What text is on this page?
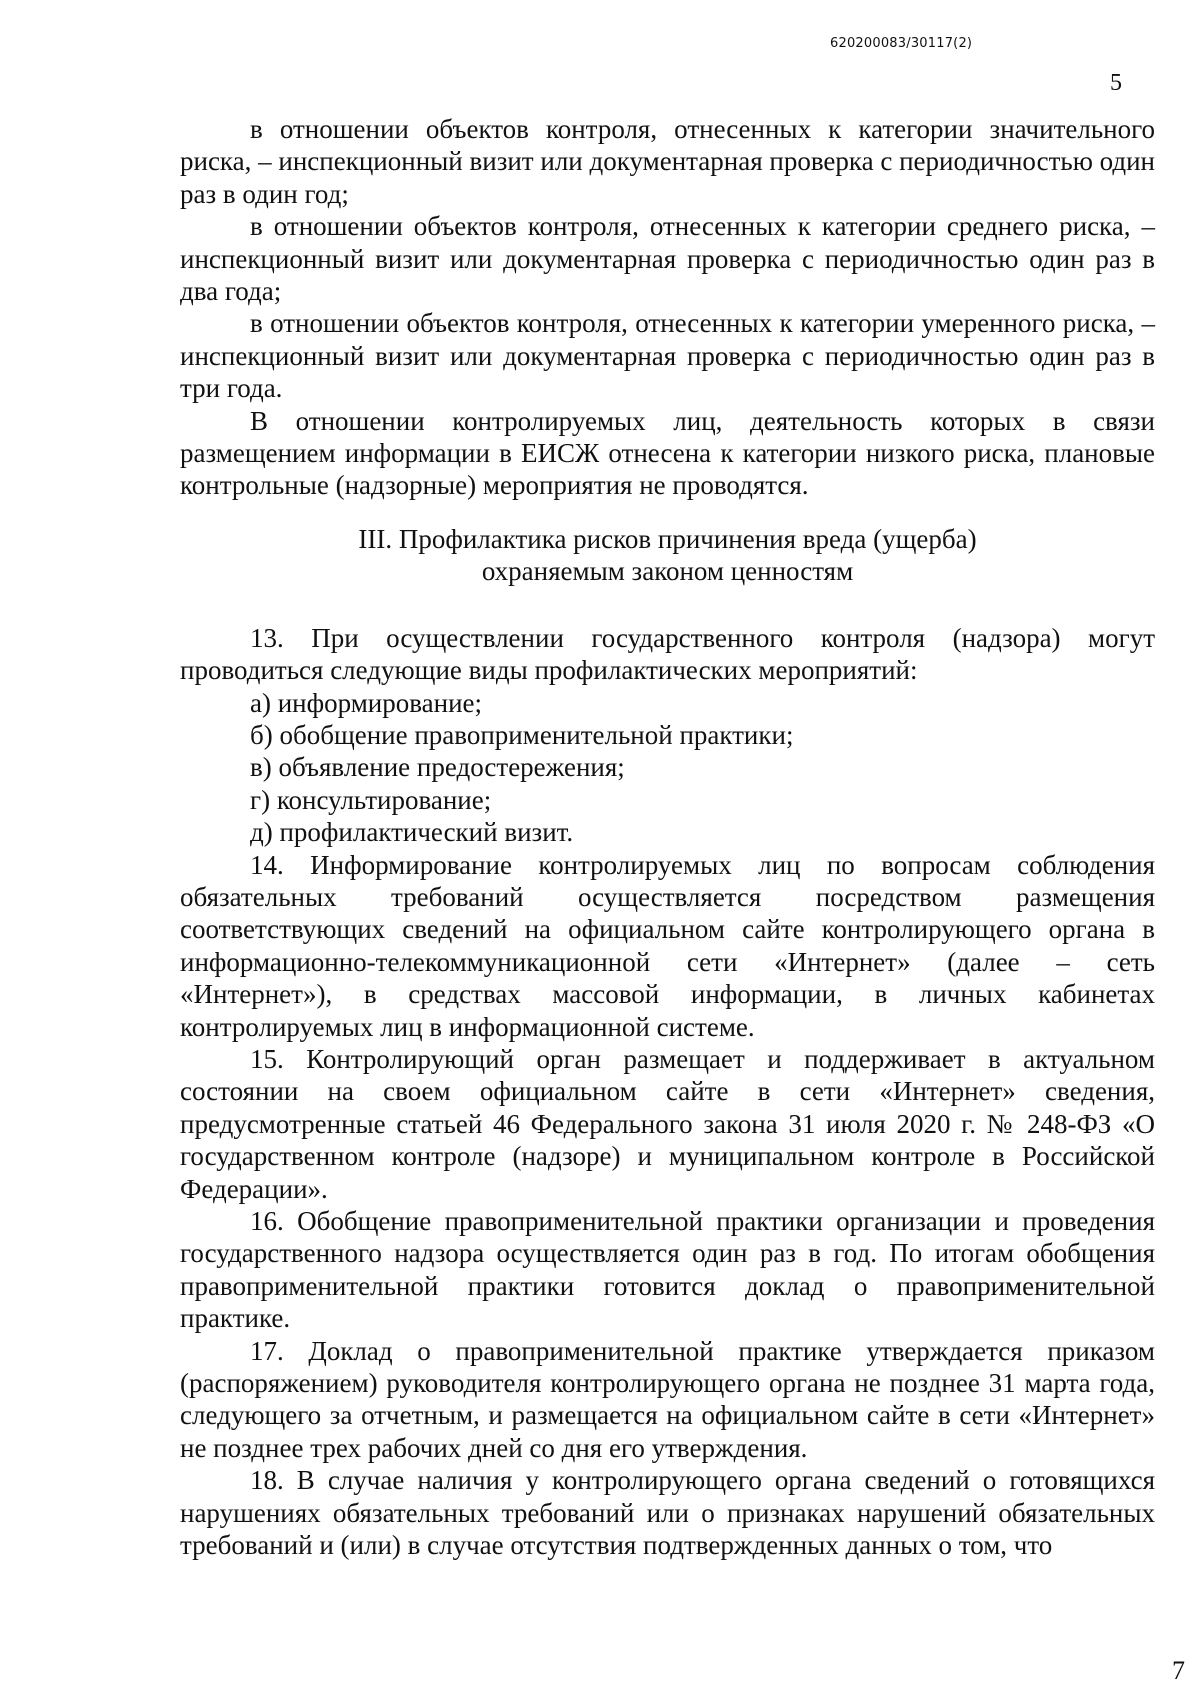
620200083/30117(2)
5

в отношении объектов контроля, отнесенных к категории значительного риска, – инспекционный визит или документарная проверка с периодичностью один раз в один год;

в отношении объектов контроля, отнесенных к категории среднего риска, – инспекционный визит или документарная проверка с периодичностью один раз в два года;

в отношении объектов контроля, отнесенных к категории умеренного риска, – инспекционный визит или документарная проверка с периодичностью один раз в три года.

В отношении контролируемых лиц, деятельность которых в связи размещением информации в ЕИСЖ отнесена к категории низкого риска, плановые контрольные (надзорные) мероприятия не проводятся.

III. Профилактика рисков причинения вреда (ущерба)
охраняемым законом ценностям

13. При осуществлении государственного контроля (надзора) могут проводиться следующие виды профилактических мероприятий:

а) информирование;

б) обобщение правоприменительной практики;

в) объявление предостережения;

г) консультирование;

д) профилактический визит.

14. Информирование контролируемых лиц по вопросам соблюдения обязательных требований осуществляется посредством размещения соответствующих сведений на официальном сайте контролирующего органа в информационно-телекоммуникационной сети «Интернет» (далее – сеть «Интернет»), в средствах массовой информации, в личных кабинетах контролируемых лиц в информационной системе.

15. Контролирующий орган размещает и поддерживает в актуальном состоянии на своем официальном сайте в сети «Интернет» сведения, предусмотренные статьей 46 Федерального закона 31 июля 2020 г. № 248-ФЗ «О государственном контроле (надзоре) и муниципальном контроле в Российской Федерации».

16. Обобщение правоприменительной практики организации и проведения государственного надзора осуществляется один раз в год. По итогам обобщения правоприменительной практики готовится доклад о правоприменительной практике.

17. Доклад о правоприменительной практике утверждается приказом (распоряжением) руководителя контролирующего органа не позднее 31 марта года, следующего за отчетным, и размещается на официальном сайте в сети «Интернет» не позднее трех рабочих дней со дня его утверждения.

18. В случае наличия у контролирующего органа сведений о готовящихся нарушениях обязательных требований или о признаках нарушений обязательных требований и (или) в случае отсутствия подтвержденных данных о том, что

7
